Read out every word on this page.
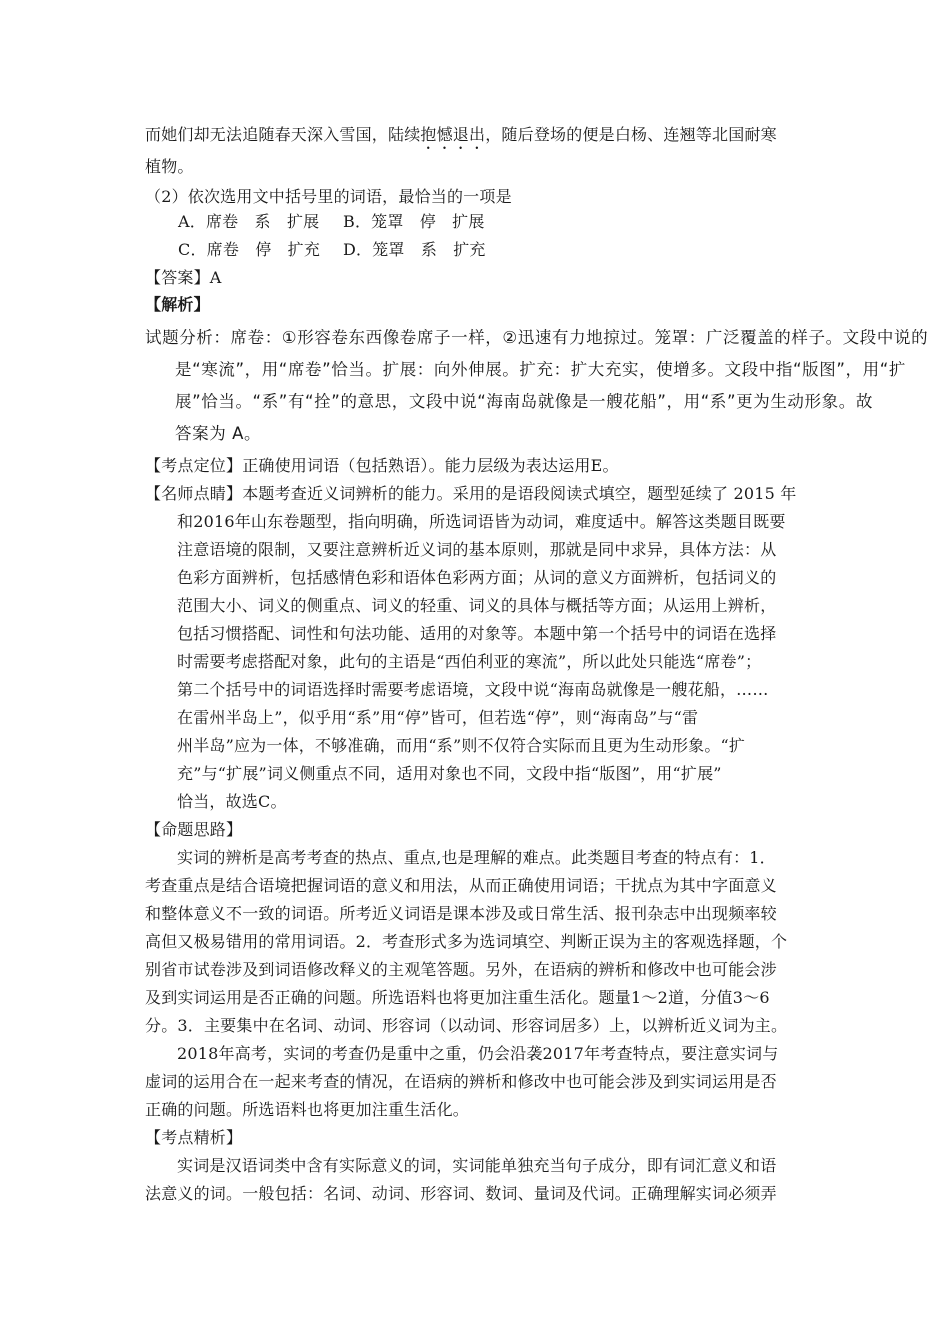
而她们却无法追随春天深入雪国，陆续抱憾退出，随后登场的便是白杨、连翘等北国耐寒
植物。
（2）依次选用文中括号里的词语，最恰当的一项是
A．席卷　系　扩展 B．笼罩　停　扩展
C．席卷　停　扩充 D．笼罩　系　扩充
【答案】A
【解析】
试题分析：席卷：①形容卷东西像卷席子一样，②迅速有力地掠过。笼罩：广泛覆盖的样子。文段中说的
是“寒流”，用“席卷”恰当。扩展：向外伸展。扩充：扩大充实，使增多。文段中指“版图”，用“扩
展”恰当。“系”有“拴”的意思，文段中说“海南岛就像是一艘花船”，用“系”更为生动形象。故
答案为 A。
【考点定位】正确使用词语（包括熟语）。能力层级为表达运用E。
【名师点睛】本题考查近义词辨析的能力。采用的是语段阅读式填空，题型延续了 2015 年
和2016年山东卷题型，指向明确，所选词语皆为动词，难度适中。解答这类题目既要
注意语境的限制，又要注意辨析近义词的基本原则，那就是同中求异，具体方法：从
色彩方面辨析，包括感情色彩和语体色彩两方面；从词的意义方面辨析，包括词义的
范围大小、词义的侧重点、词义的轻重、词义的具体与概括等方面；从运用上辨析，
包括习惯搭配、词性和句法功能、适用的对象等。本题中第一个括号中的词语在选择
时需要考虑搭配对象，此句的主语是“西伯利亚的寒流”，所以此处只能选“席卷”；
第二个括号中的词语选择时需要考虑语境，文段中说“海南岛就像是一艘花船，……
在雷州半岛上”，似乎用“系”用“停”皆可，但若选“停”，则“海南岛”与“雷
州半岛”应为一体，不够准确，而用“系”则不仅符合实际而且更为生动形象。“扩
充”与“扩展”词义侧重点不同，适用对象也不同，文段中指“版图”，用“扩展”
恰当，故选C。
【命题思路】
实词的辨析是高考考查的热点、重点,也是理解的难点。此类题目考查的特点有：1．
考查重点是结合语境把握词语的意义和用法，从而正确使用词语；干扰点为其中字面意义
和整体意义不一致的词语。所考近义词语是课本涉及或日常生活、报刊杂志中出现频率较
高但又极易错用的常用词语。2．考查形式多为选词填空、判断正误为主的客观选择题，个
别省市试卷涉及到词语修改释义的主观笔答题。另外，在语病的辨析和修改中也可能会涉
及到实词运用是否正确的问题。所选语料也将更加注重生活化。题量1～2道，分值3～6
分。3．主要集中在名词、动词、形容词（以动词、形容词居多）上，以辨析近义词为主。
2018年高考，实词的考查仍是重中之重，仍会沿袭2017年考查特点，要注意实词与
虚词的运用合在一起来考查的情况，在语病的辨析和修改中也可能会涉及到实词运用是否
正确的问题。所选语料也将更加注重生活化。
【考点精析】
实词是汉语词类中含有实际意义的词，实词能单独充当句子成分，即有词汇意义和语
法意义的词。一般包括：名词、动词、形容词、数词、量词及代词。正确理解实词必须弄
